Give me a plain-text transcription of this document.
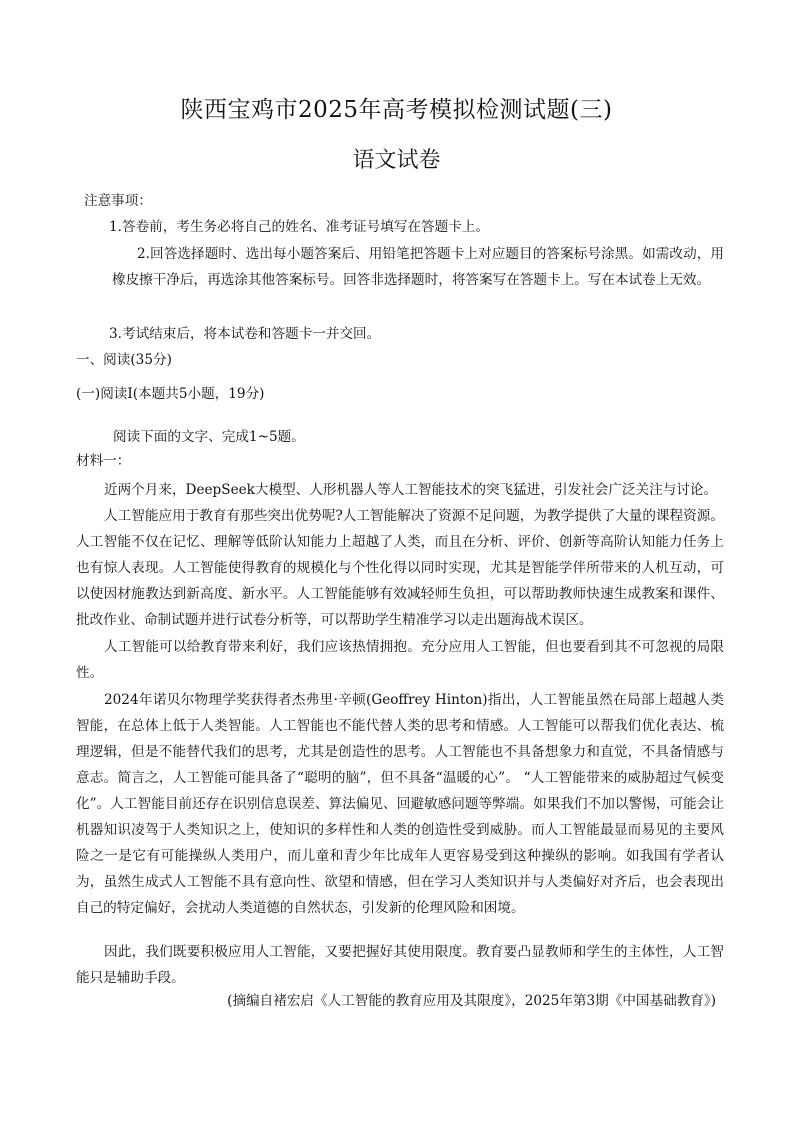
陕西宝鸡市2025年高考模拟检测试题(三)
语文试卷
注意事项：
1.答卷前，考生务必将自己的姓名、准考证号填写在答题卡上。
2.回答选择题时、选出每小题答案后、用铅笔把答题卡上对应题目的答案标号涂黑。如需改动，用橡皮擦干净后，再选涂其他答案标号。回答非选择题时，将答案写在答题卡上。写在本试卷上无效。
3.考试结束后，将本试卷和答题卡一并交回。
一、阅读(35分)
(一)阅读Ⅰ(本题共5小题，19分)
阅读下面的文字、完成1~5题。
材料一：
近两个月来，DeepSeek大模型、人形机器人等人工智能技术的突飞猛进，引发社会广泛关注与讨论。
人工智能应用于教育有那些突出优势呢?人工智能解决了资源不足问题，为教学提供了大量的课程资源。人工智能不仅在记忆、理解等低阶认知能力上超越了人类，而且在分析、评价、创新等高阶认知能力任务上也有惊人表现。人工智能使得教育的规模化与个性化得以同时实现，尤其是智能学伴所带来的人机互动，可以使因材施教达到新高度、新水平。人工智能能够有效减轻师生负担，可以帮助教师快速生成教案和课件、批改作业、命制试题并进行试卷分析等，可以帮助学生精准学习以走出题海战术误区。
人工智能可以给教育带来利好，我们应该热情拥抱。充分应用人工智能，但也要看到其不可忽视的局限性。
2024年诺贝尔物理学奖获得者杰弗里·辛顿(Geoffrey Hinton)指出，人工智能虽然在局部上超越人类智能，在总体上低于人类智能。人工智能也不能代替人类的思考和情感。人工智能可以帮我们优化表达、梳理逻辑，但是不能替代我们的思考，尤其是创造性的思考。人工智能也不具备想象力和直觉，不具备情感与意志。简言之，人工智能可能具备了“聪明的脑”，但不具备“温暖的心”。 “人工智能带来的威胁超过气候变化”。人工智能目前还存在识别信息误差、算法偏见、回避敏感问题等弊端。如果我们不加以警惕，可能会让机器知识凌驾于人类知识之上，使知识的多样性和人类的创造性受到威胁。而人工智能最显而易见的主要风险之一是它有可能操纵人类用户，而儿童和青少年比成年人更容易受到这种操纵的影响。如我国有学者认为，虽然生成式人工智能不具有意向性、欲望和情感，但在学习人类知识并与人类偏好对齐后，也会表现出自己的特定偏好，会扰动人类道德的自然状态，引发新的伦理风险和困境。
因此，我们既要积极应用人工智能，又要把握好其使用限度。教育要凸显教师和学生的主体性，人工智能只是辅助手段。
(摘编自褚宏启《人工智能的教育应用及其限度》，2025年第3期《中国基础教育》)
